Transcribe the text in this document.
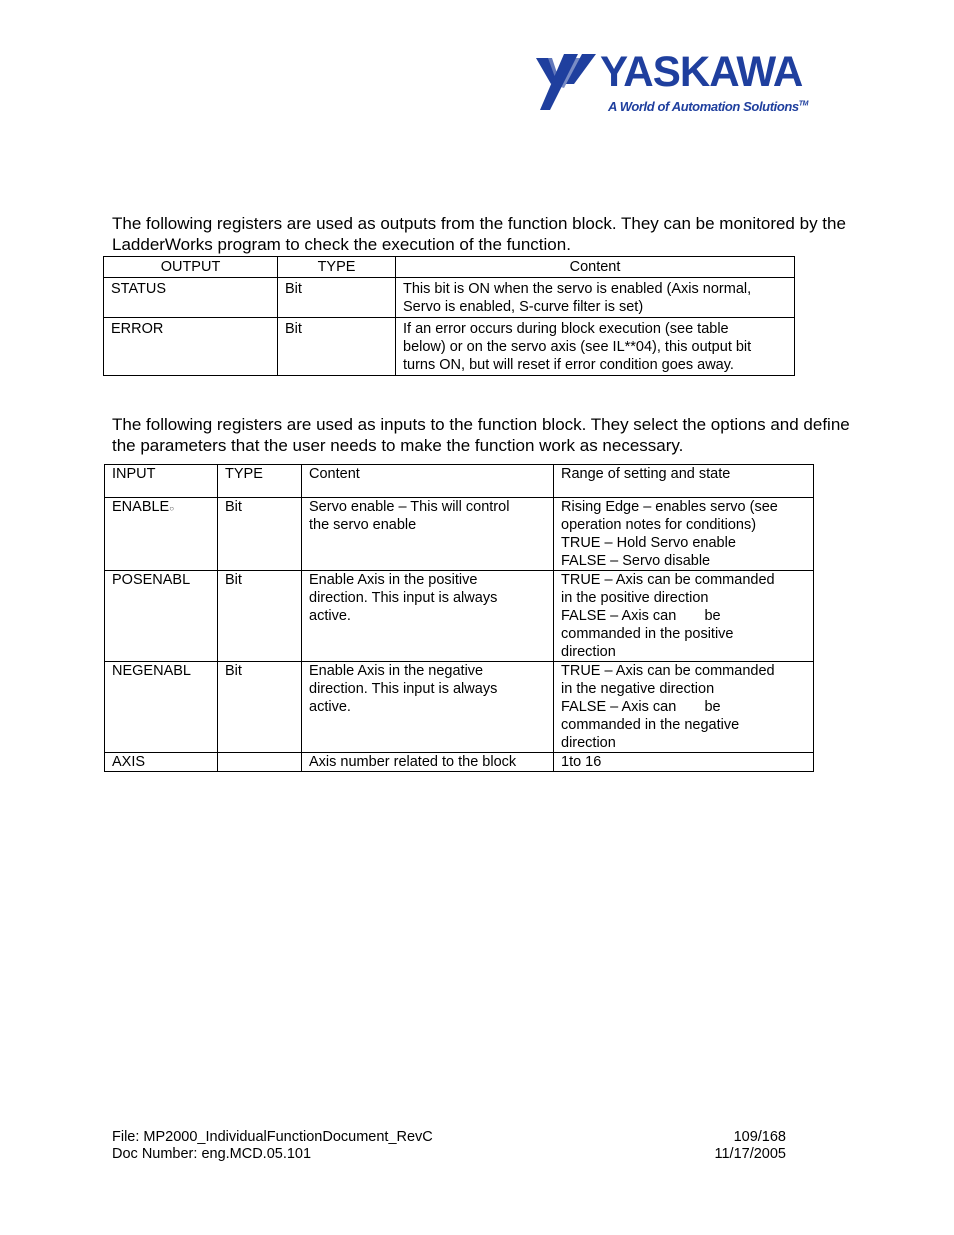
YASKAWA
A World of Automation Solutions™

The following registers are used as outputs from the function block. They can be monitored by the LadderWorks program to check the execution of the function.

OUTPUT	TYPE	Content
STATUS	Bit	This bit is ON when the servo is enabled (Axis normal,
Servo is enabled, S-curve filter is set)

ERROR	Bit	If an error occurs during block execution (see table
below) or on the servo axis (see IL**04), this output bit
turns ON, but will reset if error condition goes away.

The following registers are used as inputs to the function block. They select the options and define the parameters that the user needs to make the function work as necessary.

INPUT	TYPE	Content	Range of setting and state
ENABLE○	Bit	Servo enable – This will control
the servo enable	Rising Edge – enables servo (see
operation notes for conditions)
TRUE – Hold Servo enable
FALSE – Servo disable

POSENABL	Bit	Enable Axis in the positive
direction. This input is always
active.	TRUE – Axis can be commanded
in the positive direction
FALSE – Axis can       be
commanded in the positive
direction

NEGENABL	Bit	Enable Axis in the negative
direction. This input is always
active.	TRUE – Axis can be commanded
in the negative direction
FALSE – Axis can       be
commanded in the negative
direction

AXIS		Axis number related to the block	1to 16
File: MP2000_IndividualFunctionDocument_RevC	109/168
Doc Number: eng.MCD.05.101	11/17/2005
